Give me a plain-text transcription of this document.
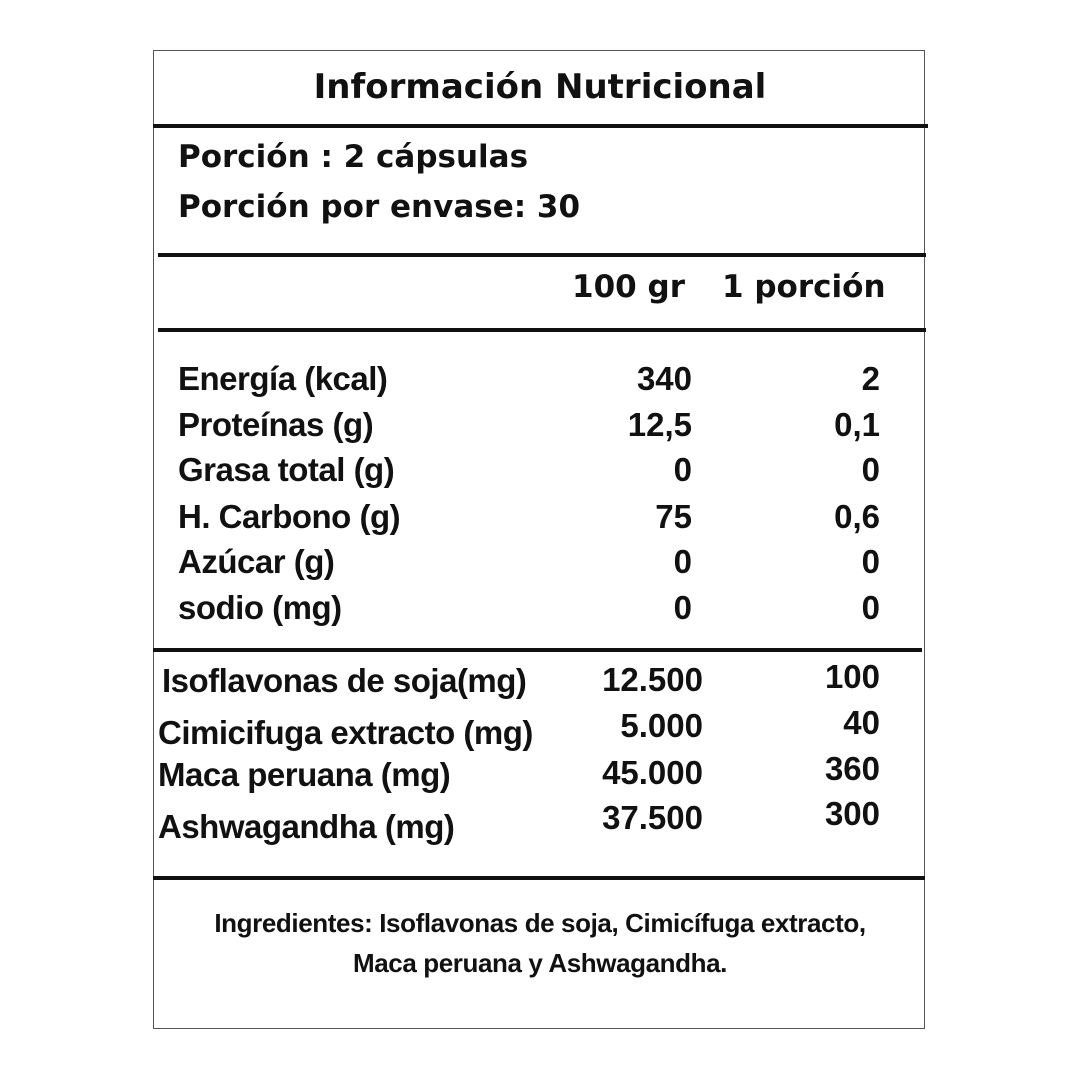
Información Nutricional
Porción : 2 cápsulas
Porción por envase: 30
100 gr 1 porción
Energía (kcal)	340	2
Proteínas (g)	12,5	0,1
Grasa total (g)	0	0
H. Carbono (g)	75	0,6
Azúcar (g)	0	0
sodio (mg)	0	0
Isoflavonas de soja(mg)	12.500	100
Cimicifuga extracto (mg)	5.000	40
Maca peruana (mg)	45.000	360
Ashwagandha (mg)	37.500	300
Ingredientes: Isoflavonas de soja, Cimicífuga extracto,
Maca peruana y Ashwagandha.
